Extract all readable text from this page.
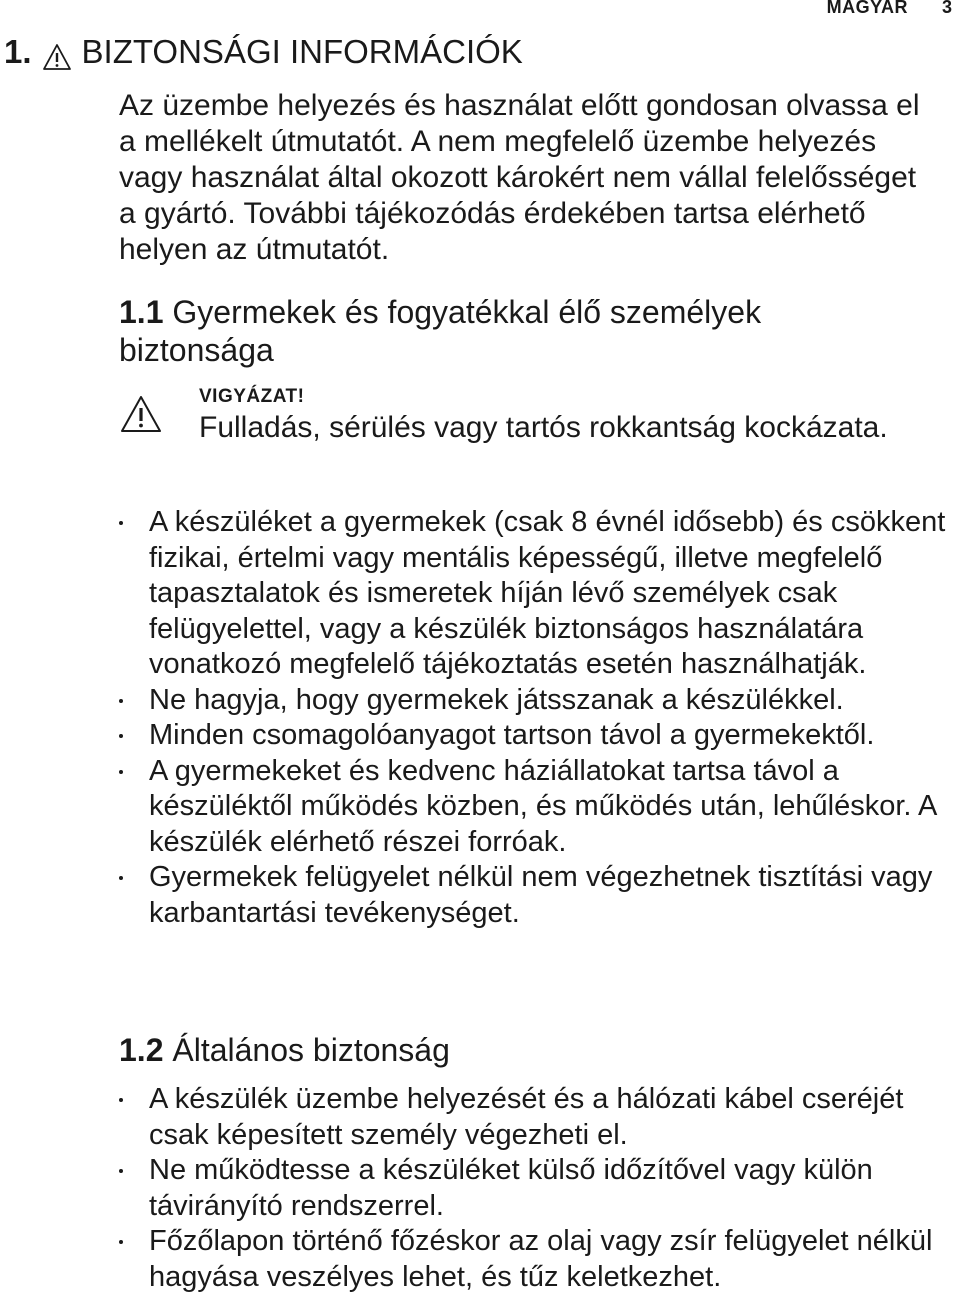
MAGYAR 3
1. BIZTONSÁGI INFORMÁCIÓK

Az üzembe helyezés és használat előtt gondosan olvassa el a mellékelt útmutatót. A nem megfelelő üzembe helyezés vagy használat által okozott károkért nem vállal felelősséget a gyártó. További tájékozódás érdekében tartsa elérhető helyen az útmutatót.

1.1 Gyermekek és fogyatékkal élő személyek biztonsága
VIGYÁZAT!
Fulladás, sérülés vagy tartós rokkantság kockázata.
A készüléket a gyermekek (csak 8 évnél idősebb) és csökkent fizikai, értelmi vagy mentális képességű, illetve megfelelő tapasztalatok és ismeretek híján lévő személyek csak felügyelettel, vagy a készülék biztonságos használatára vonatkozó megfelelő tájékoztatás esetén használhatják.
Ne hagyja, hogy gyermekek játsszanak a készülékkel.
Minden csomagolóanyagot tartson távol a gyermekektől.
A gyermekeket és kedvenc háziállatokat tartsa távol a készüléktől működés közben, és működés után, lehűléskor. A készülék elérhető részei forróak.
Gyermekek felügyelet nélkül nem végezhetnek tisztítási vagy karbantartási tevékenységet.
1.2 Általános biztonság
A készülék üzembe helyezését és a hálózati kábel cseréjét csak képesített személy végezheti el.
Ne működtesse a készüléket külső időzítővel vagy külön távirányító rendszerrel.
Főzőlapon történő főzéskor az olaj vagy zsír felügyelet nélkül hagyása veszélyes lehet, és tűz keletkezhet.
